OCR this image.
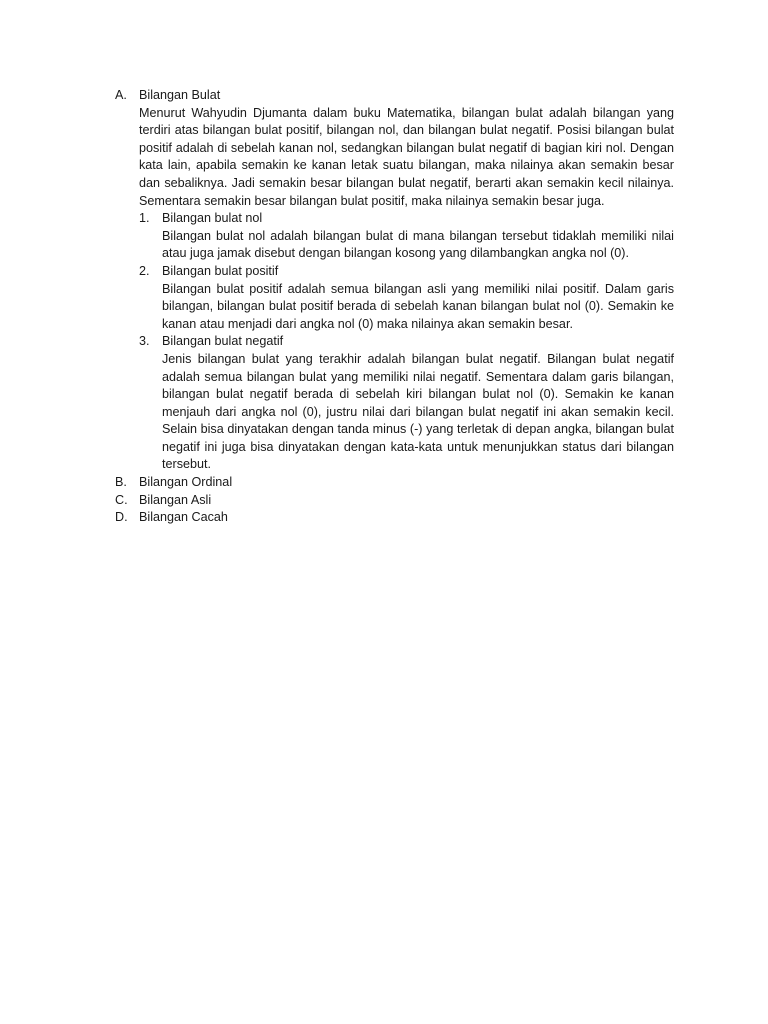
A. Bilangan Bulat
Menurut Wahyudin Djumanta dalam buku Matematika, bilangan bulat adalah bilangan yang terdiri atas bilangan bulat positif, bilangan nol, dan bilangan bulat negatif. Posisi bilangan bulat positif adalah di sebelah kanan nol, sedangkan bilangan bulat negatif di bagian kiri nol. Dengan kata lain, apabila semakin ke kanan letak suatu bilangan, maka nilainya akan semakin besar dan sebaliknya. Jadi semakin besar bilangan bulat negatif, berarti akan semakin kecil nilainya. Sementara semakin besar bilangan bulat positif, maka nilainya semakin besar juga.
1. Bilangan bulat nol
Bilangan bulat nol adalah bilangan bulat di mana bilangan tersebut tidaklah memiliki nilai atau juga jamak disebut dengan bilangan kosong yang dilambangkan angka nol (0).
2. Bilangan bulat positif
Bilangan bulat positif adalah semua bilangan asli yang memiliki nilai positif. Dalam garis bilangan, bilangan bulat positif berada di sebelah kanan bilangan bulat nol (0). Semakin ke kanan atau menjadi dari angka nol (0) maka nilainya akan semakin besar.
3. Bilangan bulat negatif
Jenis bilangan bulat yang terakhir adalah bilangan bulat negatif. Bilangan bulat negatif adalah semua bilangan bulat yang memiliki nilai negatif. Sementara dalam garis bilangan, bilangan bulat negatif berada di sebelah kiri bilangan bulat nol (0). Semakin ke kanan menjauh dari angka nol (0), justru nilai dari bilangan bulat negatif ini akan semakin kecil. Selain bisa dinyatakan dengan tanda minus (-) yang terletak di depan angka, bilangan bulat negatif ini juga bisa dinyatakan dengan kata-kata untuk menunjukkan status dari bilangan tersebut.
B. Bilangan Ordinal
C. Bilangan Asli
D. Bilangan Cacah
